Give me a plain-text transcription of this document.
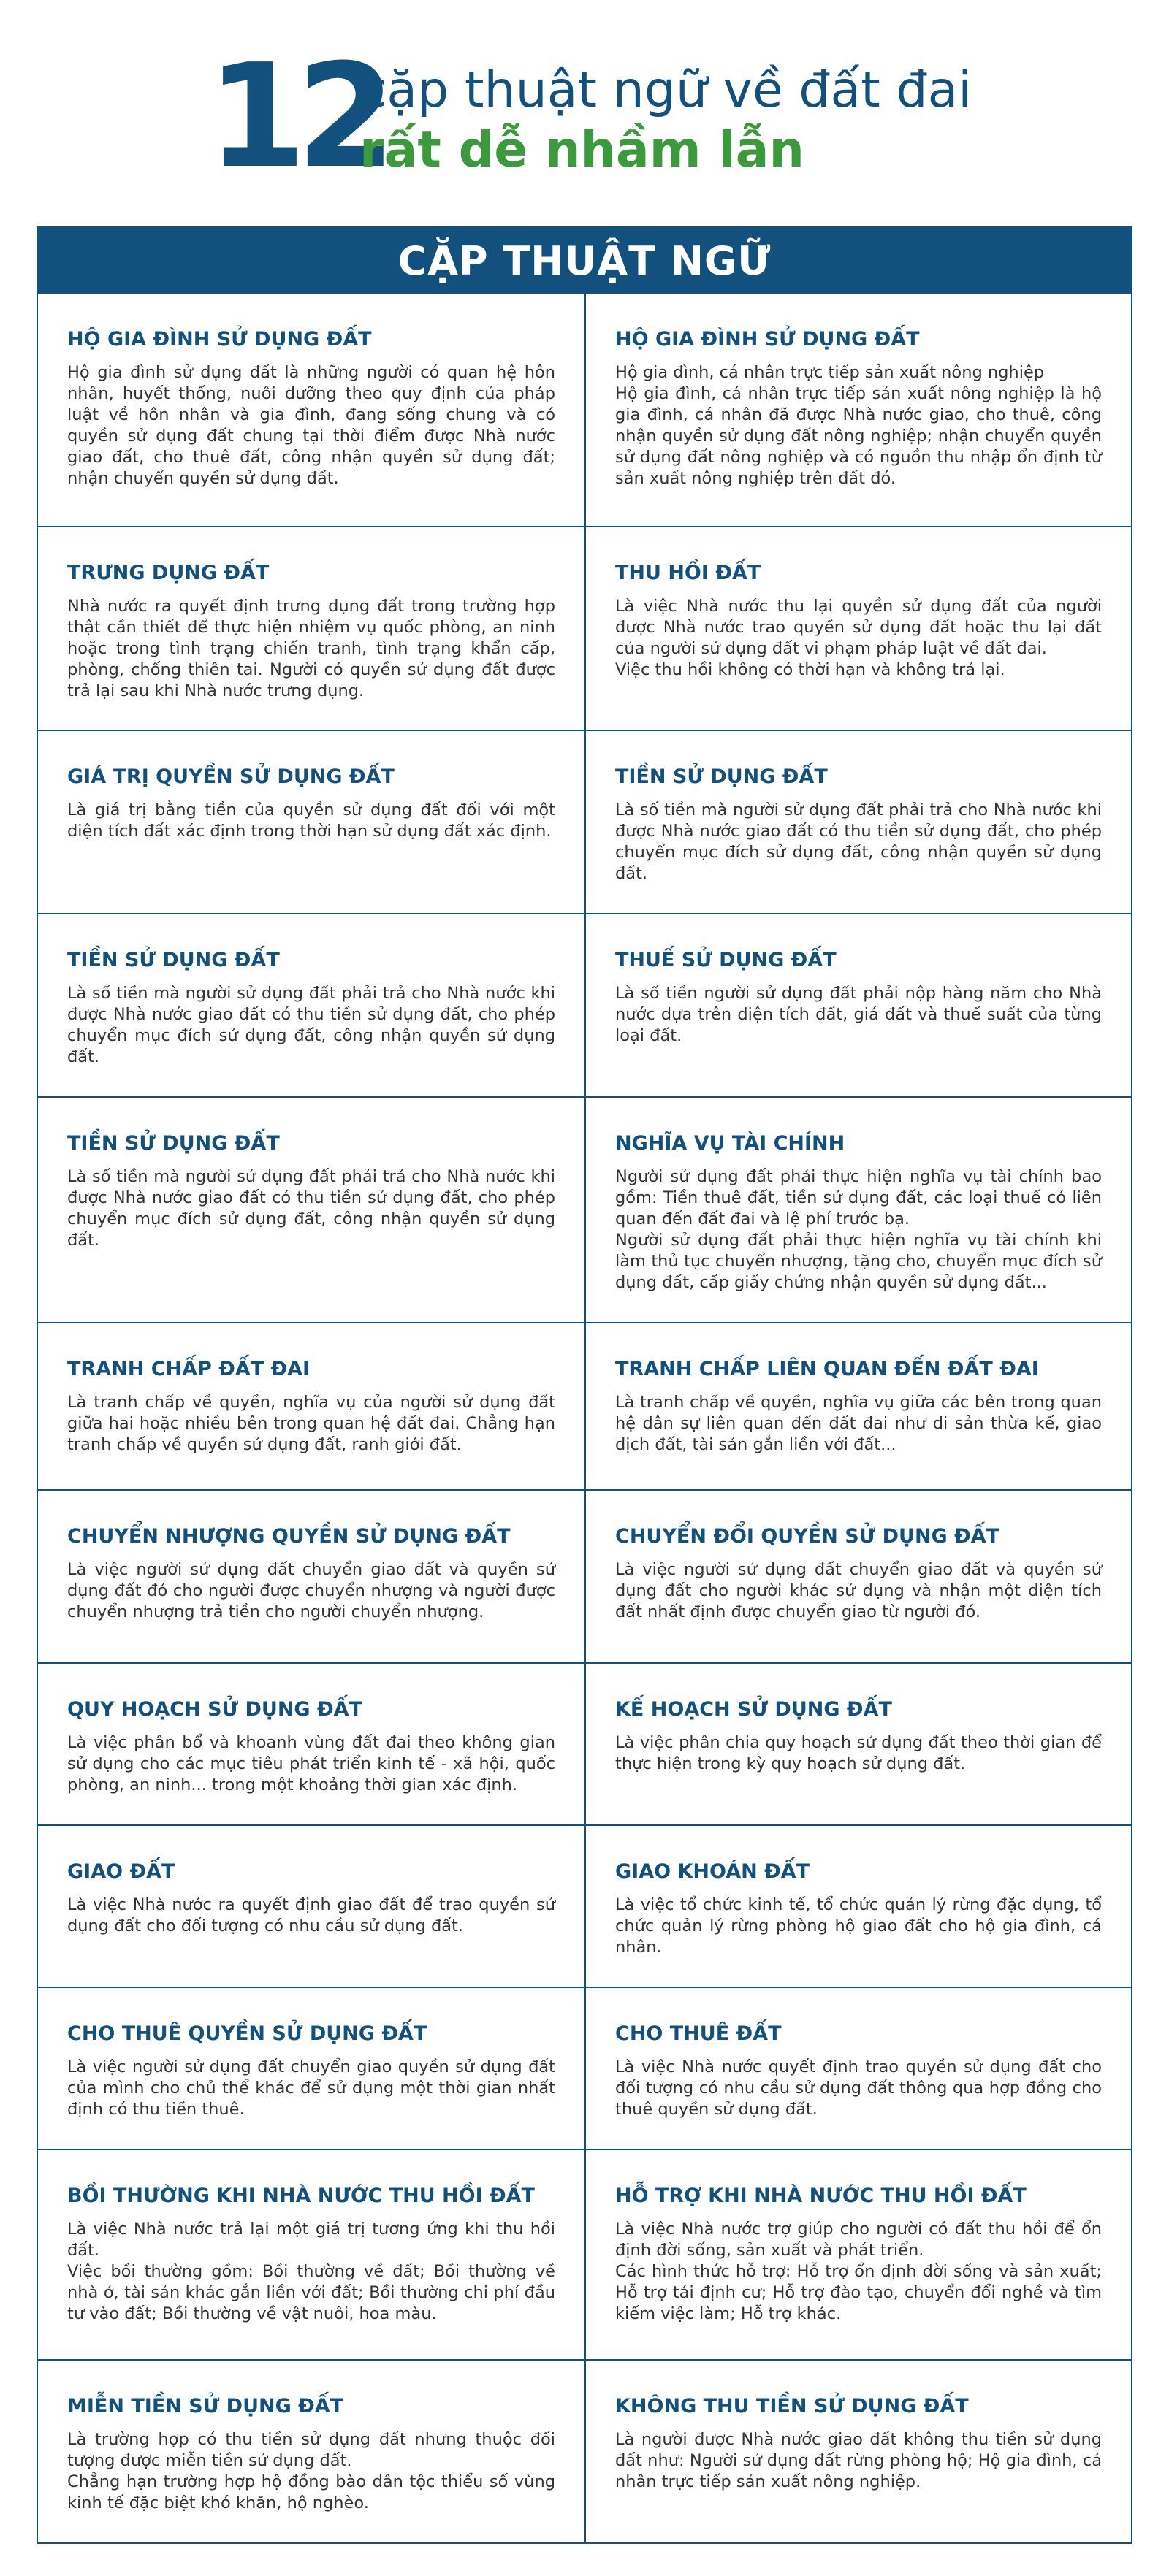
12
cặp thuật ngữ về đất đai
rất dễ nhầm lẫn
CẶP THUẬT NGỮ
HỘ GIA ĐÌNH SỬ DỤNG ĐẤT
Hộ gia đình sử dụng đất là những người có quan hệ hôn nhân, huyết thống, nuôi dưỡng theo quy định của pháp luật về hôn nhân và gia đình, đang sống chung và có quyền sử dụng đất chung tại thời điểm được Nhà nước giao đất, cho thuê đất, công nhận quyền sử dụng đất; nhận chuyển quyền sử dụng đất.
HỘ GIA ĐÌNH SỬ DỤNG ĐẤT
Hộ gia đình, cá nhân trực tiếp sản xuất nông nghiệp
Hộ gia đình, cá nhân trực tiếp sản xuất nông nghiệp là hộ gia đình, cá nhân đã được Nhà nước giao, cho thuê, công nhận quyền sử dụng đất nông nghiệp; nhận chuyển quyền sử dụng đất nông nghiệp và có nguồn thu nhập ổn định từ sản xuất nông nghiệp trên đất đó.
TRƯNG DỤNG ĐẤT
Nhà nước ra quyết định trưng dụng đất trong trường hợp thật cần thiết để thực hiện nhiệm vụ quốc phòng, an ninh hoặc trong tình trạng chiến tranh, tình trạng khẩn cấp, phòng, chống thiên tai. Người có quyền sử dụng đất được trả lại sau khi Nhà nước trưng dụng.
THU HỒI ĐẤT
Là việc Nhà nước thu lại quyền sử dụng đất của người được Nhà nước trao quyền sử dụng đất hoặc thu lại đất của người sử dụng đất vi phạm pháp luật về đất đai.
Việc thu hồi không có thời hạn và không trả lại.
GIÁ TRỊ QUYỀN SỬ DỤNG ĐẤT
Là giá trị bằng tiền của quyền sử dụng đất đối với một diện tích đất xác định trong thời hạn sử dụng đất xác định.
TIỀN SỬ DỤNG ĐẤT
Là số tiền mà người sử dụng đất phải trả cho Nhà nước khi được Nhà nước giao đất có thu tiền sử dụng đất, cho phép chuyển mục đích sử dụng đất, công nhận quyền sử dụng đất.
TIỀN SỬ DỤNG ĐẤT
Là số tiền mà người sử dụng đất phải trả cho Nhà nước khi được Nhà nước giao đất có thu tiền sử dụng đất, cho phép chuyển mục đích sử dụng đất, công nhận quyền sử dụng đất.
THUẾ SỬ DỤNG ĐẤT
Là số tiền người sử dụng đất phải nộp hàng năm cho Nhà nước dựa trên diện tích đất, giá đất và thuế suất của từng loại đất.
TIỀN SỬ DỤNG ĐẤT
Là số tiền mà người sử dụng đất phải trả cho Nhà nước khi được Nhà nước giao đất có thu tiền sử dụng đất, cho phép chuyển mục đích sử dụng đất, công nhận quyền sử dụng đất.
NGHĨA VỤ TÀI CHÍNH
Người sử dụng đất phải thực hiện nghĩa vụ tài chính bao gồm: Tiền thuê đất, tiền sử dụng đất, các loại thuế có liên quan đến đất đai và lệ phí trước bạ.
Người sử dụng đất phải thực hiện nghĩa vụ tài chính khi làm thủ tục chuyển nhượng, tặng cho, chuyển mục đích sử dụng đất, cấp giấy chứng nhận quyền sử dụng đất...
TRANH CHẤP ĐẤT ĐAI
Là tranh chấp về quyền, nghĩa vụ của người sử dụng đất giữa hai hoặc nhiều bên trong quan hệ đất đai. Chẳng hạn tranh chấp về quyền sử dụng đất, ranh giới đất.
TRANH CHẤP LIÊN QUAN ĐẾN ĐẤT ĐAI
Là tranh chấp về quyền, nghĩa vụ giữa các bên trong quan hệ dân sự liên quan đến đất đai như di sản thừa kế, giao dịch đất, tài sản gắn liền với đất...
CHUYỂN NHƯỢNG QUYỀN SỬ DỤNG ĐẤT
Là việc người sử dụng đất chuyển giao đất và quyền sử dụng đất đó cho người được chuyển nhượng và người được chuyển nhượng trả tiền cho người chuyển nhượng.
CHUYỂN ĐỔI QUYỀN SỬ DỤNG ĐẤT
Là việc người sử dụng đất chuyển giao đất và quyền sử dụng đất cho người khác sử dụng và nhận một diện tích đất nhất định được chuyển giao từ người đó.
QUY HOẠCH SỬ DỤNG ĐẤT
Là việc phân bổ và khoanh vùng đất đai theo không gian sử dụng cho các mục tiêu phát triển kinh tế - xã hội, quốc phòng, an ninh... trong một khoảng thời gian xác định.
KẾ HOẠCH SỬ DỤNG ĐẤT
Là việc phân chia quy hoạch sử dụng đất theo thời gian để thực hiện trong kỳ quy hoạch sử dụng đất.
GIAO ĐẤT
Là việc Nhà nước ra quyết định giao đất để trao quyền sử dụng đất cho đối tượng có nhu cầu sử dụng đất.
GIAO KHOÁN ĐẤT
Là việc tổ chức kinh tế, tổ chức quản lý rừng đặc dụng, tổ chức quản lý rừng phòng hộ giao đất cho hộ gia đình, cá nhân.
CHO THUÊ QUYỀN SỬ DỤNG ĐẤT
Là việc người sử dụng đất chuyển giao quyền sử dụng đất của mình cho chủ thể khác để sử dụng một thời gian nhất định có thu tiền thuê.
CHO THUÊ ĐẤT
Là việc Nhà nước quyết định trao quyền sử dụng đất cho đối tượng có nhu cầu sử dụng đất thông qua hợp đồng cho thuê quyền sử dụng đất.
BỒI THƯỜNG KHI NHÀ NƯỚC THU HỒI ĐẤT
Là việc Nhà nước trả lại một giá trị tương ứng khi thu hồi đất.
Việc bồi thường gồm: Bồi thường về đất; Bồi thường về nhà ở, tài sản khác gắn liền với đất; Bồi thường chi phí đầu tư vào đất; Bồi thường về vật nuôi, hoa màu.
HỖ TRỢ KHI NHÀ NƯỚC THU HỒI ĐẤT
Là việc Nhà nước trợ giúp cho người có đất thu hồi để ổn định đời sống, sản xuất và phát triển.
Các hình thức hỗ trợ: Hỗ trợ ổn định đời sống và sản xuất; Hỗ trợ tái định cư; Hỗ trợ đào tạo, chuyển đổi nghề và tìm kiếm việc làm; Hỗ trợ khác.
MIỄN TIỀN SỬ DỤNG ĐẤT
Là trường hợp có thu tiền sử dụng đất nhưng thuộc đối tượng được miễn tiền sử dụng đất.
Chẳng hạn trường hợp hộ đồng bào dân tộc thiểu số vùng kinh tế đặc biệt khó khăn, hộ nghèo.
KHÔNG THU TIỀN SỬ DỤNG ĐẤT
Là người được Nhà nước giao đất không thu tiền sử dụng đất như: Người sử dụng đất rừng phòng hộ; Hộ gia đình, cá nhân trực tiếp sản xuất nông nghiệp.
